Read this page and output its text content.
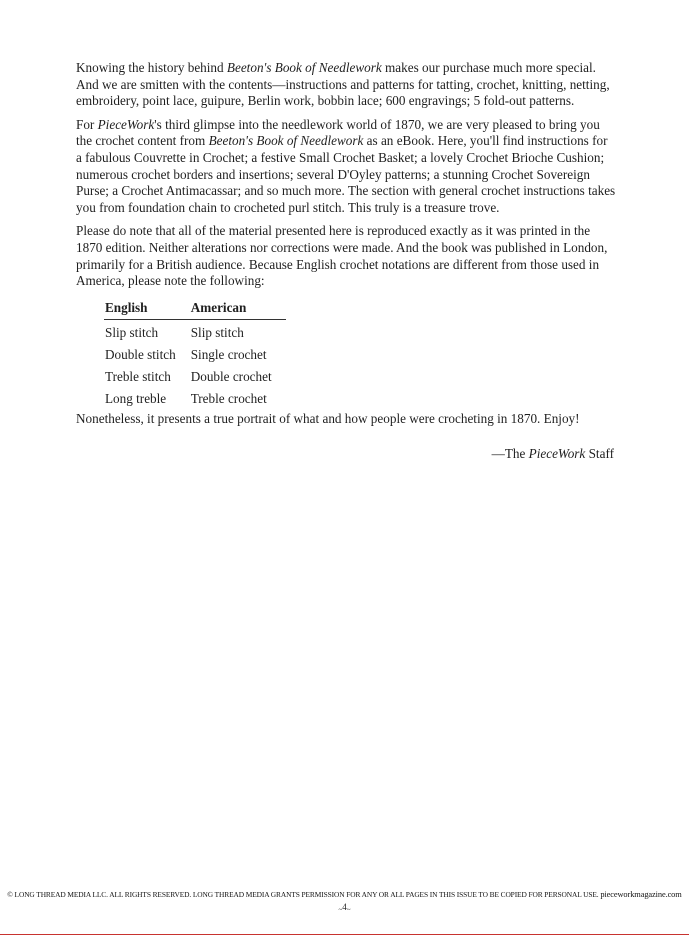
Knowing the history behind Beeton's Book of Needlework makes our purchase much more special. And we are smitten with the contents—instructions and patterns for tatting, crochet, knitting, netting, embroidery, point lace, guipure, Berlin work, bobbin lace; 600 engravings; 5 fold-out patterns.

For PieceWork's third glimpse into the needlework world of 1870, we are very pleased to bring you the crochet content from Beeton's Book of Needlework as an eBook. Here, you'll find instructions for a fabulous Couvrette in Crochet; a festive Small Crochet Basket; a lovely Crochet Brioche Cushion; numerous crochet borders and insertions; several D'Oyley patterns; a stunning Crochet Sovereign Purse; a Crochet Antimacassar; and so much more. The section with general crochet instructions takes you from foundation chain to crocheted purl stitch. This truly is a treasure trove.

Please do note that all of the material presented here is reproduced exactly as it was printed in the 1870 edition. Neither alterations nor corrections were made. And the book was published in London, primarily for a British audience. Because English crochet notations are different from those used in America, please note the following:

English	American
Slip stitch	Slip stitch
Double stitch	Single crochet
Treble stitch	Double crochet
Long treble	Treble crochet

Nonetheless, it presents a true portrait of what and how people were crocheting in 1870. Enjoy!

—The PieceWork Staff

© LONG THREAD MEDIA LLC. ALL RIGHTS RESERVED. LONG THREAD MEDIA GRANTS PERMISSION FOR ANY OR ALL PAGES IN THIS ISSUE TO BE COPIED FOR PERSONAL USE. pieceworkmagazine.com
$_\sim 4_\sim$
